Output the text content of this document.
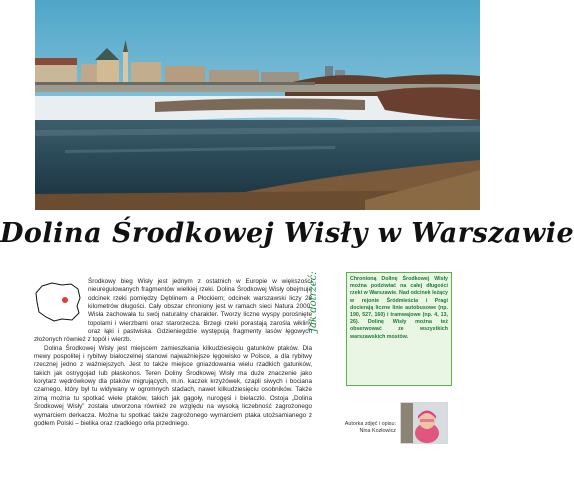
Dolina Środkowej Wisły w Warszawie

Środkowy bieg Wisły jest jednym z ostatnich w Europie w większości nieuregulowanych fragmentów wielkiej rzeki. Dolina Środkowej Wisły obejmuje odcinek rzeki pomiędzy Dęblinem a Płockiem; odcinek warszawski liczy 28 kilometrów długości. Cały obszar chroniony jest w ramach sieci Natura 2000. Wisła zachowała tu swój naturalny charakter. Tworzy liczne wyspy porośnięte topolami i wierzbami oraz starorzecza. Brzegi rzeki porastają zarośla wikliny oraz łąki i pastwiska. Gdzieniegdzie występują fragmenty lasów łęgowych złożonych również z topól i wierzb.

Dolina Środkowej Wisły jest miejscem zamieszkania kilkudziesięciu gatunków ptaków. Dla mewy pospolitej i rybitwy białoczelnej stanowi najważniejsze lęgowisko w Polsce, a dla rybitwy rzecznej jedno z ważniejszych. Jest to także miejsce gniazdowania wielu rzadkich gatunków, takich jak ostrygojad lub płaskonos. Teren Doliny Środkowej Wisły ma duże znaczenie jako korytarz wędrówkowy dla ptaków migrujących, m.in. kaczek krzyżówek, czapli siwych i bociana czarnego, który był tu widywany w ogromnych stadach, nawet kilkudziesięciu osobników. Także zimą można tu spotkać wiele ptaków, takich jak gągoły, nurogęsi i bielaczki. Ostoja „Dolina Środkowej Wisły” została utworzona również ze względu na wysoką liczebność zagrożonego wymarciem derkacza. Można tu spotkać także zagrożonego wymarciem ptaka utożsamianego z godłem Polski – bielika oraz rzadkiego orła przedniego.

Jak dotrzeć:	Chronioną Dolinę Środkowej Wisły można podziwiać na całej długości rzeki w Warszawie. Nad odcinek leżący w rejonie Śródmieścia i Pragi docierają liczne linie autobusowe (np. 190, 527, 160) i tramwajowe (np. 4, 13, 26). Dolinę Wisły można też obserwować ze wszystkich warszawskich mostów.
Autorka zdjęć i opisu:
Nina Kozłowicz
